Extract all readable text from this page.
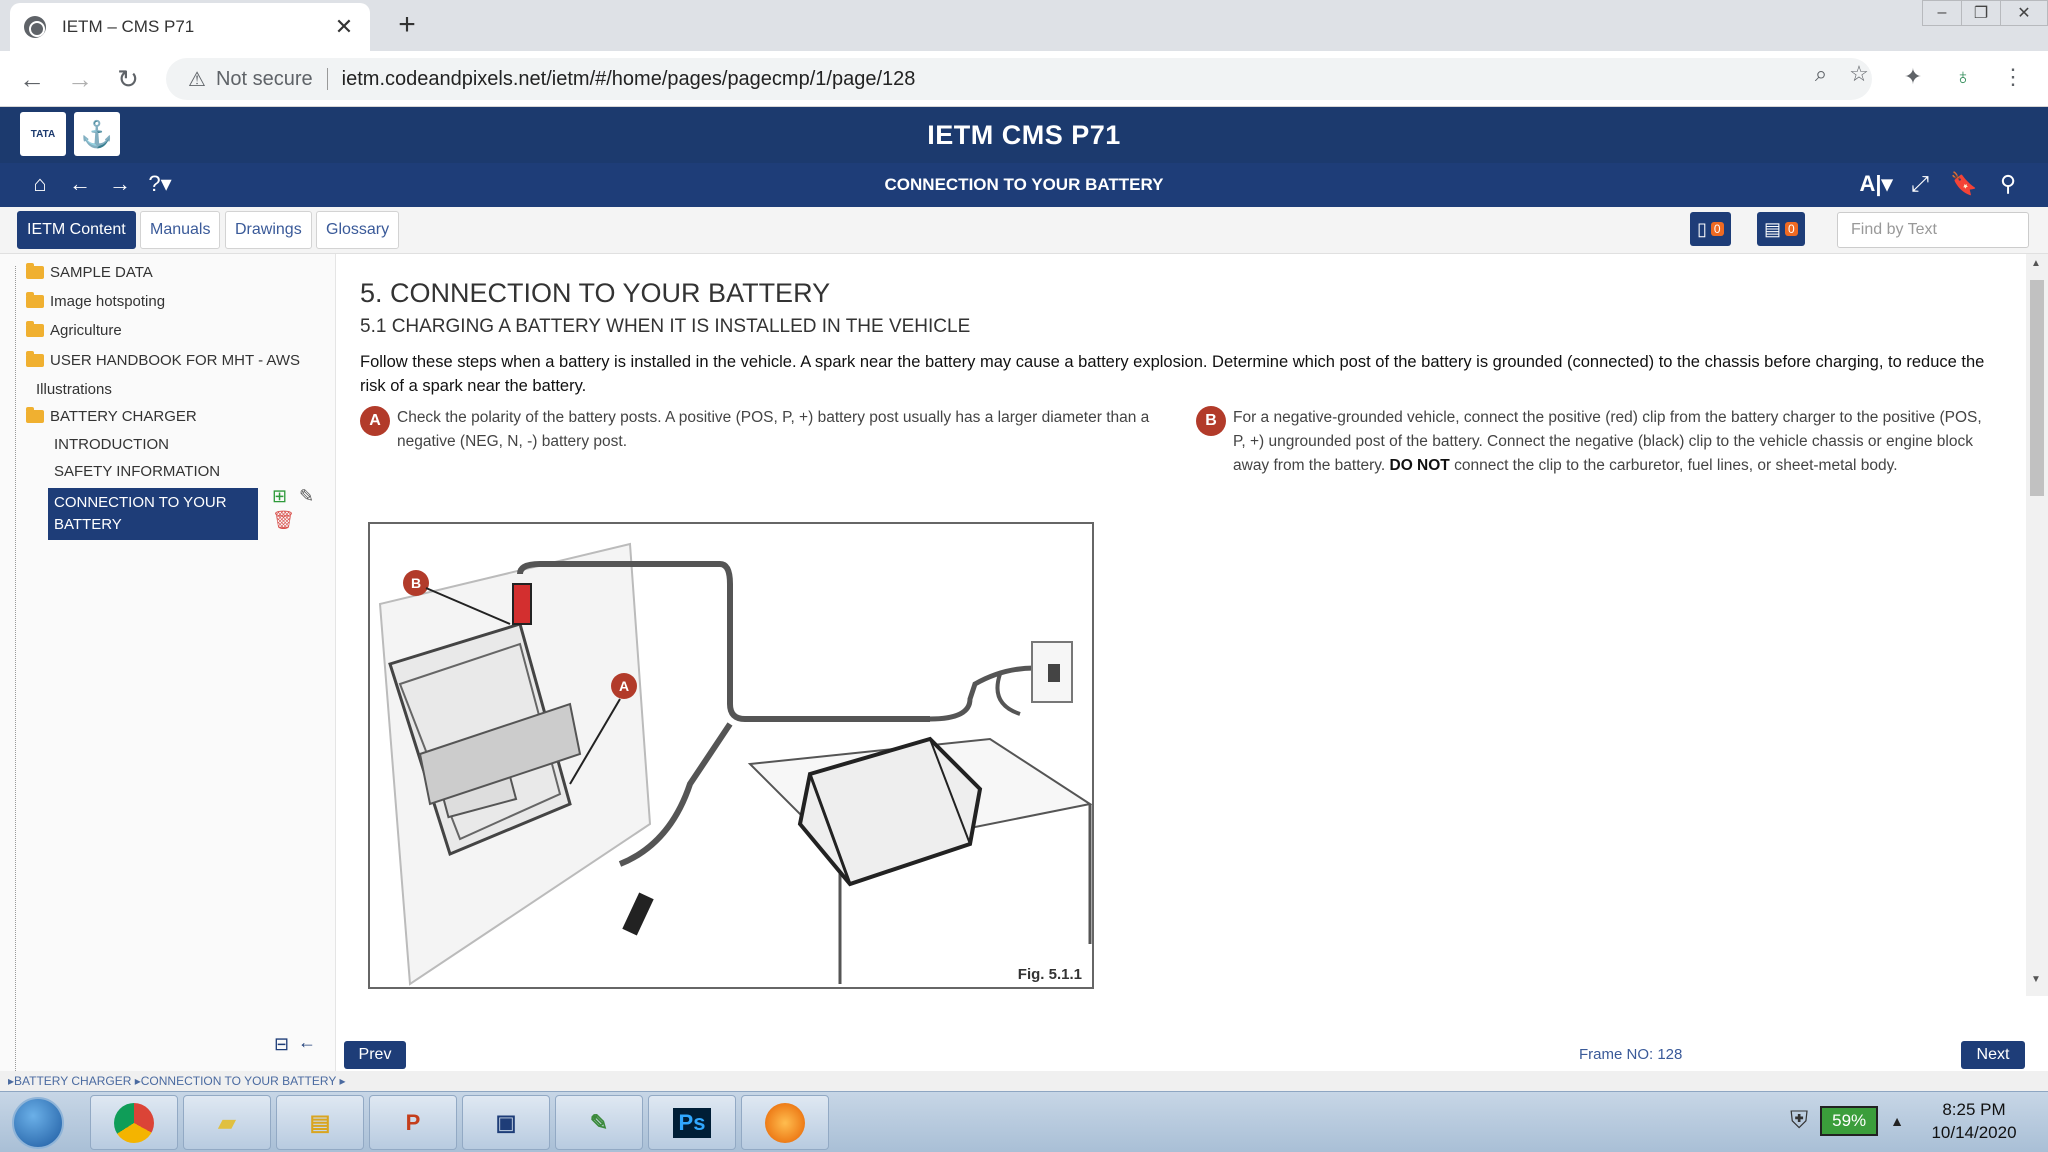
IETM – CMS P71	✕ +	–	❐	✕
← → ↻ ⚠ Not secure ietm.codeandpixels.net/ietm/#/home/pages/pagecmp/1/page/128	⌕ ☆	✦	♁	⋮
TATA ⚓	IETM CMS P71
⌂	← → ?▾	CONNECTION TO YOUR BATTERY	A|▾ ⤢ 🔖	⚲
IETM Content	Manuals	Drawings	Glossary	▯ 0 ▤ 0	Find by Text
SAMPLE DATA
Image hotspoting
Agriculture
USER HANDBOOK FOR MHT - AWS
Illustrations
BATTERY CHARGER
INTRODUCTION
SAFETY INFORMATION
CONNECTION TO YOUR BATTERY
⊞ ✎
🗑
⊟ ←
5. CONNECTION TO YOUR BATTERY
5.1 CHARGING A BATTERY WHEN IT IS INSTALLED IN THE VEHICLE
Follow these steps when a battery is installed in the vehicle. A spark near the battery may cause a battery explosion. Determine which post of the battery is grounded (connected) to the chassis before charging, to reduce the risk of a spark near the battery.
A	Check the polarity of the battery posts. A positive (POS, P, +) battery post usually has a larger diameter than a negative (NEG, N, -) battery post.
B	For a negative-grounded vehicle, connect the positive (red) clip from the battery charger to the positive (POS, P, +) ungrounded post of the battery. Connect the negative (black) clip to the vehicle chassis or engine block away from the battery. DO NOT connect the clip to the carburetor, fuel lines, or sheet-metal body.
B
A
Fig. 5.1.1
▲
▼
Prev	Frame NO: 128	Next
▸BATTERY CHARGER ▸CONNECTION TO YOUR BATTERY ▸
▰	▤	P	▣	✎	Ps	⛨	59%	▲
8:25 PM
10/14/2020
